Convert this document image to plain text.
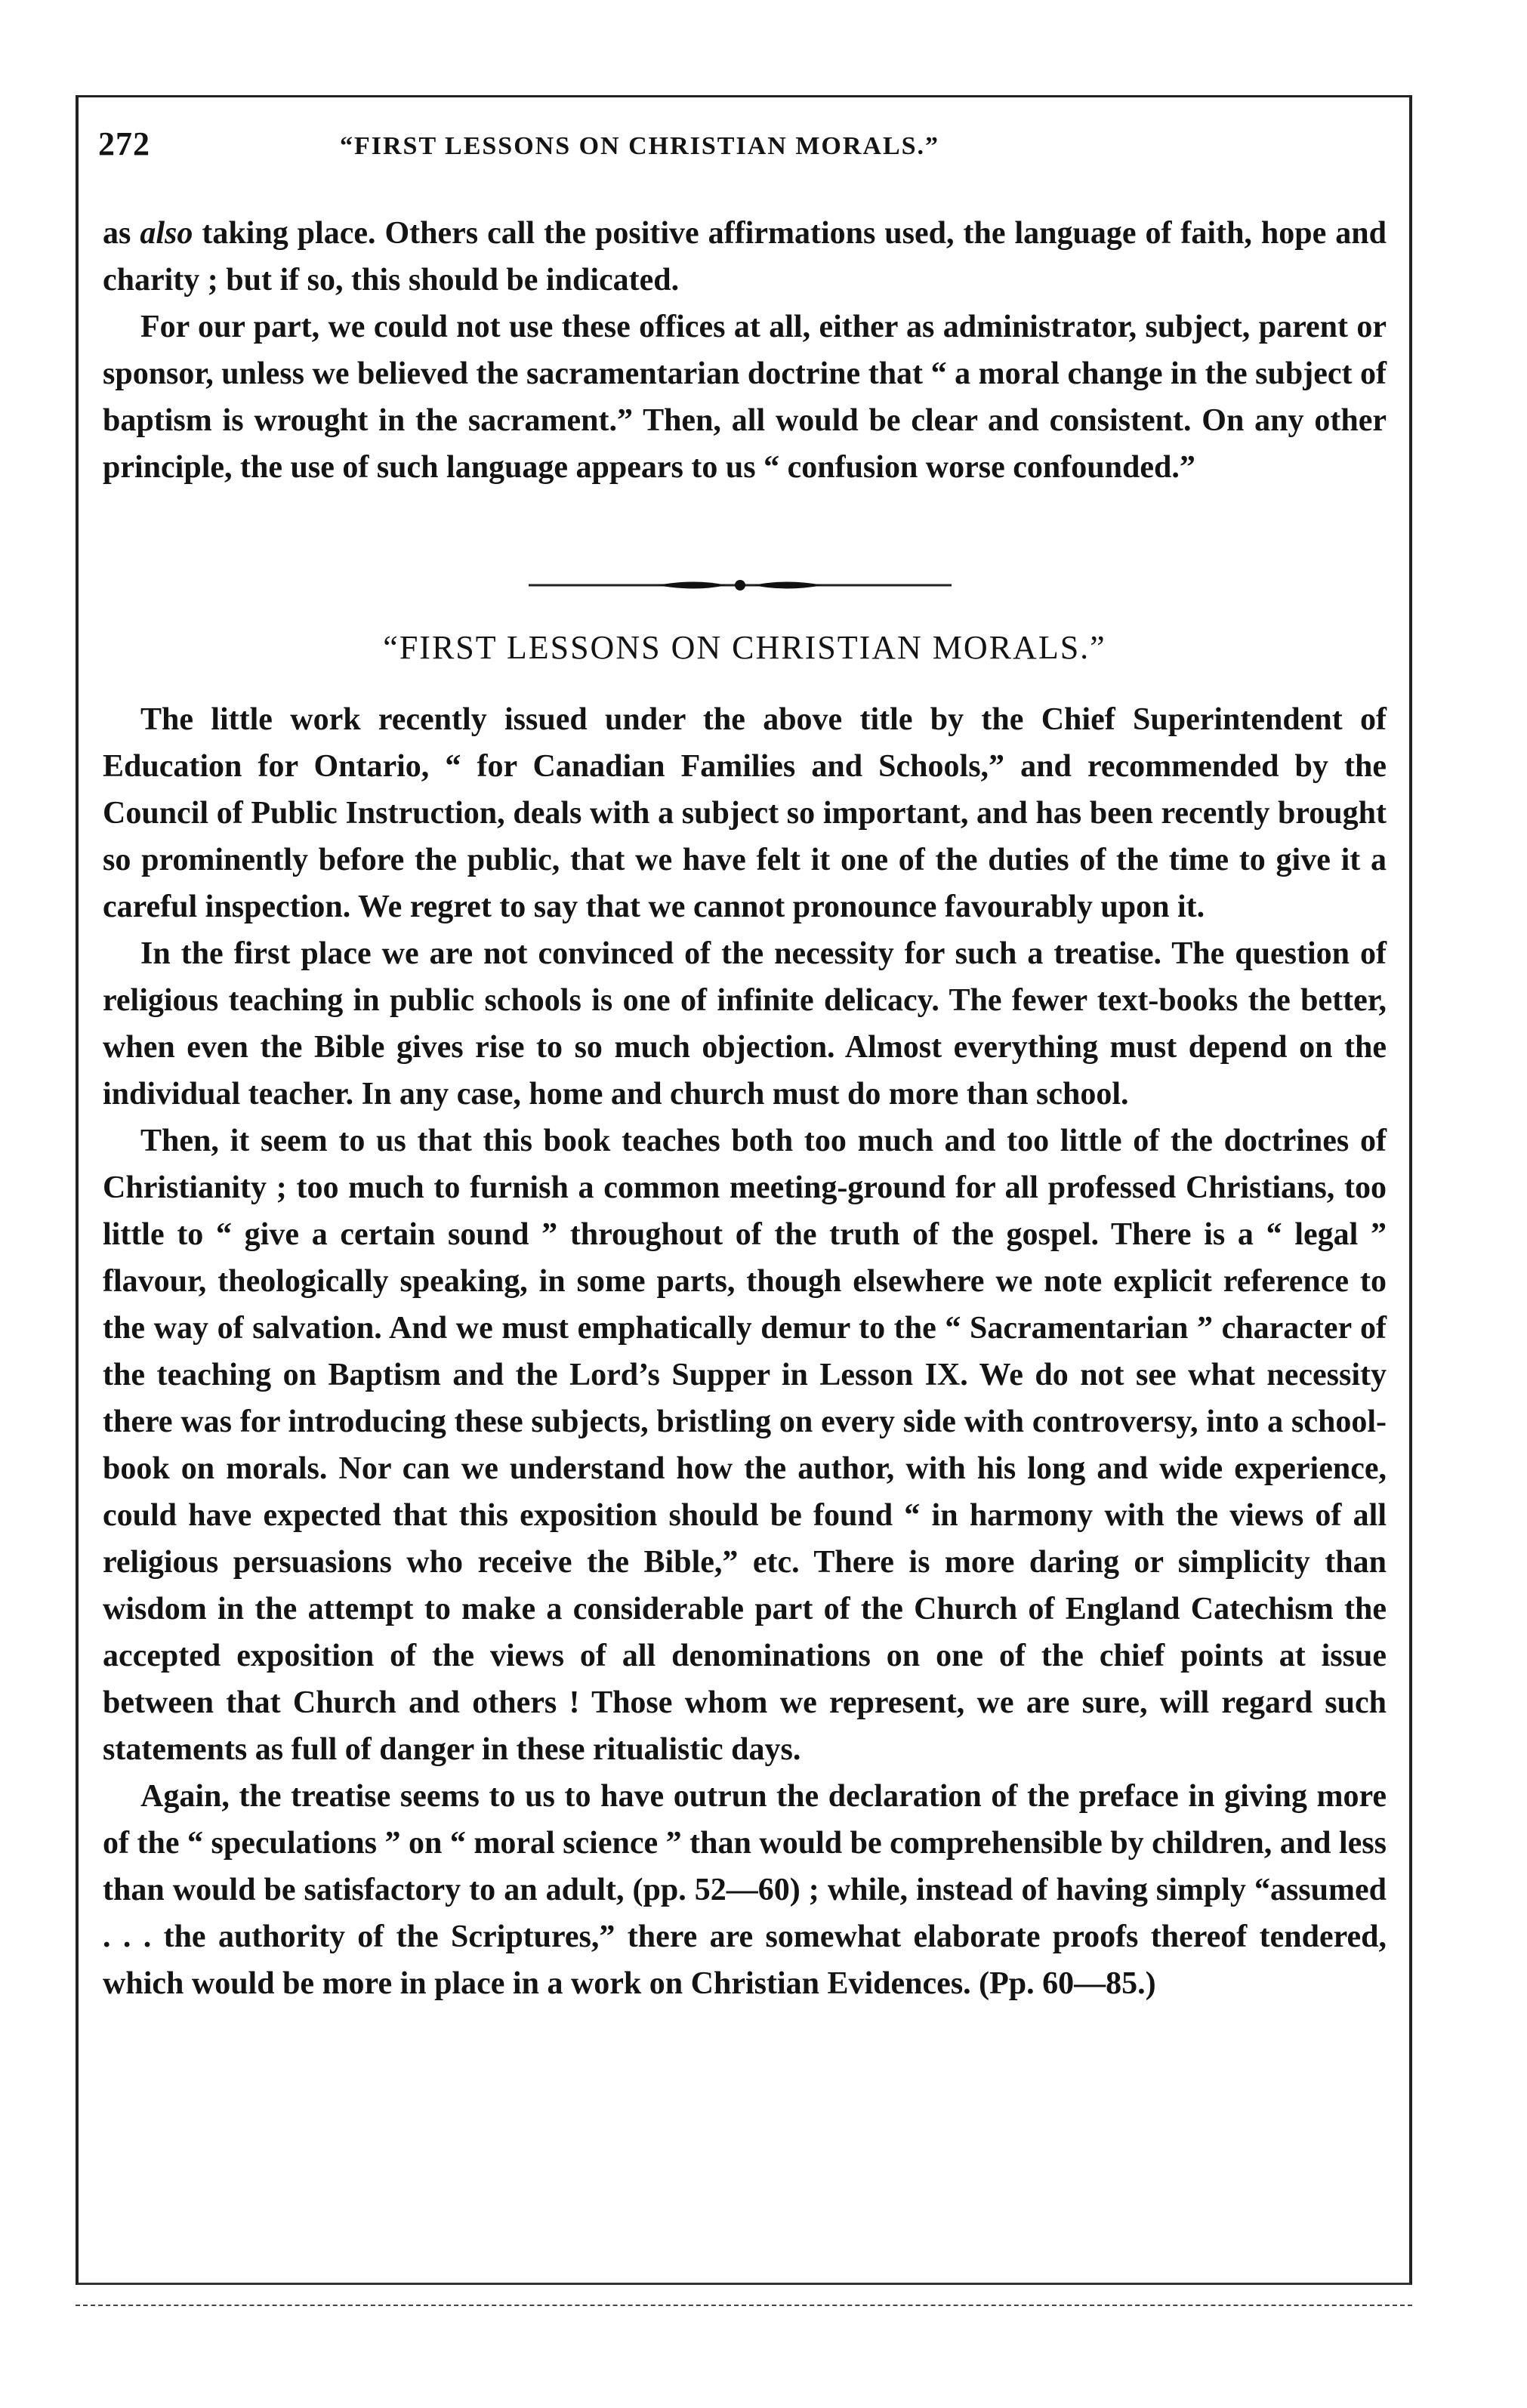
272	“FIRST LESSONS ON CHRISTIAN MORALS.”

as also taking place. Others call the positive affirmations used, the language of faith, hope and charity ; but if so, this should be indicated.

For our part, we could not use these offices at all, either as administrator, subject, parent or sponsor, unless we believed the sacramentarian doctrine that “ a moral change in the subject of baptism is wrought in the sacrament.” Then, all would be clear and consistent. On any other principle, the use of such language appears to us “ confusion worse confounded.”

“FIRST LESSONS ON CHRISTIAN MORALS.”

The little work recently issued under the above title by the Chief Superintendent of Education for Ontario, “ for Canadian Families and Schools,” and recommended by the Council of Public Instruction, deals with a subject so important, and has been recently brought so prominently before the public, that we have felt it one of the duties of the time to give it a careful inspection. We regret to say that we cannot pronounce favourably upon it.

In the first place we are not convinced of the necessity for such a treatise. The question of religious teaching in public schools is one of infinite delicacy. The fewer text-books the better, when even the Bible gives rise to so much objection. Almost everything must depend on the individual teacher. In any case, home and church must do more than school.

Then, it seem to us that this book teaches both too much and too little of the doctrines of Christianity ; too much to furnish a common meeting-ground for all professed Christians, too little to “ give a certain sound ” throughout of the truth of the gospel. There is a “ legal ” flavour, theologically speaking, in some parts, though elsewhere we note explicit reference to the way of salvation. And we must emphatically demur to the “ Sacramentarian ” character of the teaching on Baptism and the Lord’s Supper in Lesson IX. We do not see what necessity there was for introducing these subjects, bristling on every side with controversy, into a school-book on morals. Nor can we understand how the author, with his long and wide experience, could have expected that this exposition should be found “ in harmony with the views of all religious persuasions who receive the Bible,” etc. There is more daring or simplicity than wisdom in the attempt to make a considerable part of the Church of England Catechism the accepted exposition of the views of all denominations on one of the chief points at issue between that Church and others ! Those whom we represent, we are sure, will regard such statements as full of danger in these ritualistic days.

Again, the treatise seems to us to have outrun the declaration of the preface in giving more of the “ speculations ” on “ moral science ” than would be comprehensible by children, and less than would be satisfactory to an adult, (pp. 52—60) ; while, instead of having simply “assumed . . . the authority of the Scriptures,” there are somewhat elaborate proofs thereof tendered, which would be more in place in a work on Christian Evidences. (Pp. 60—85.)
